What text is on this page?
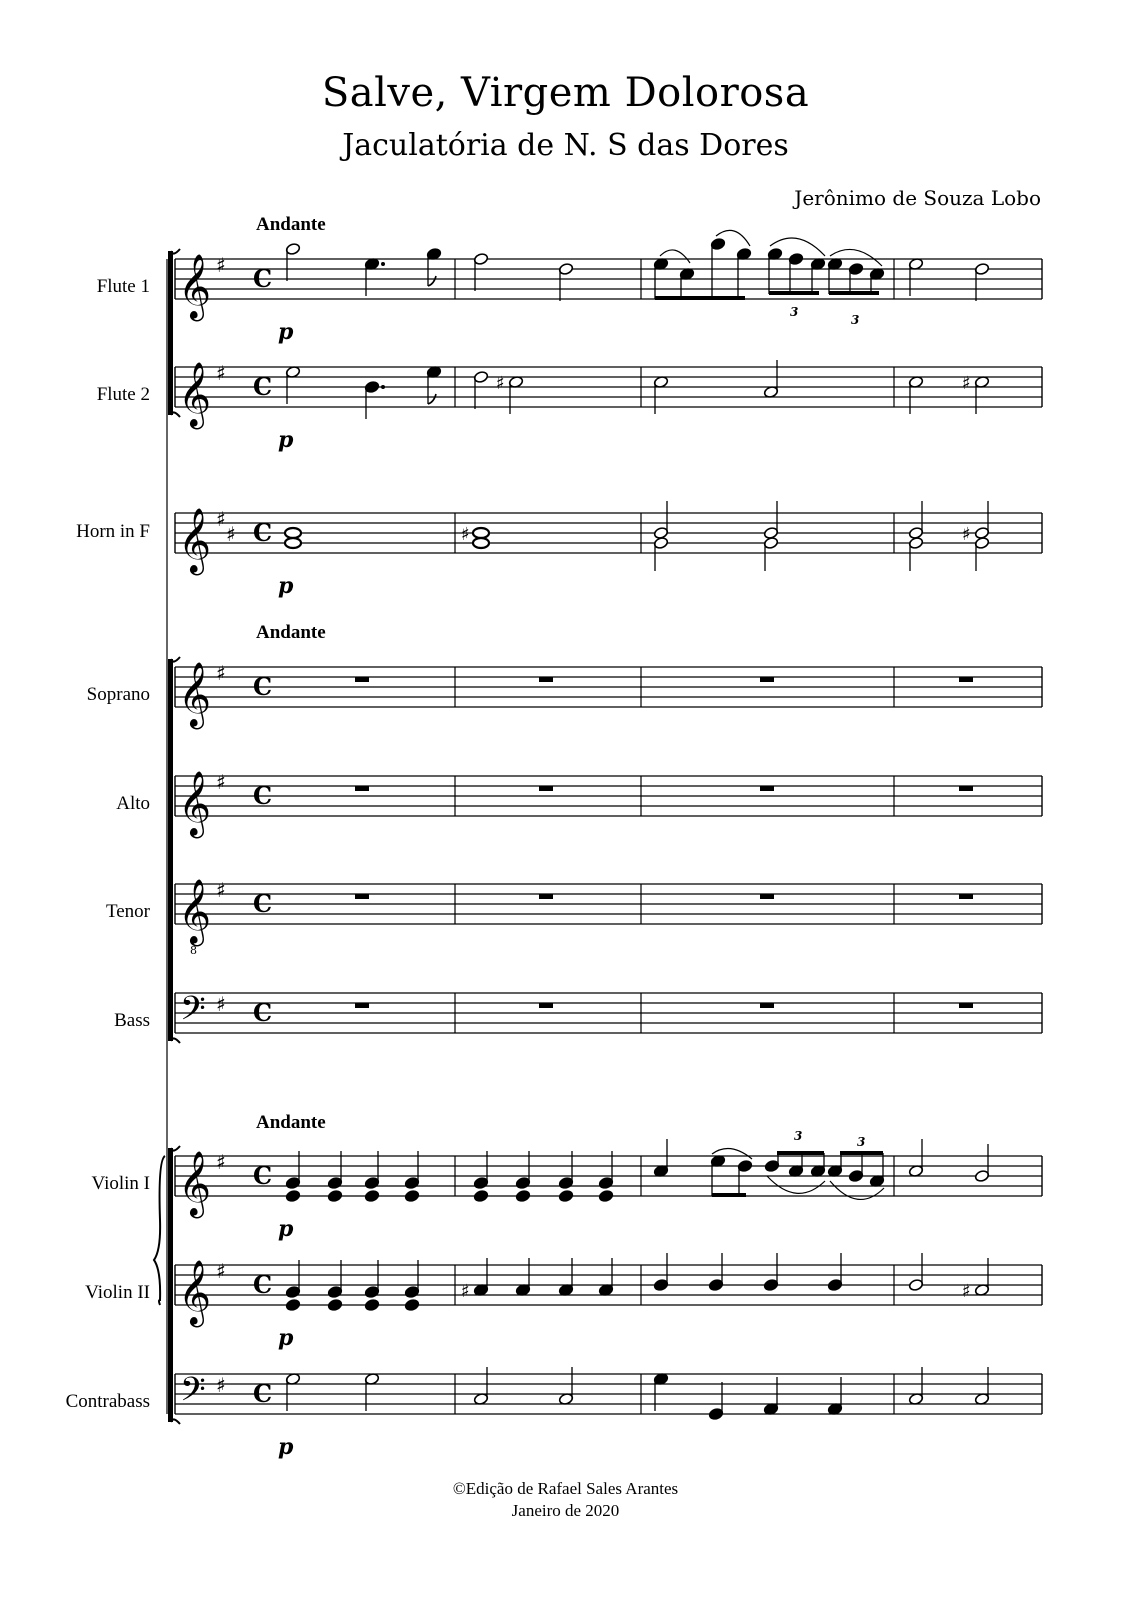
Salve, Virgem Dolorosa
Jaculatória de N. S das Dores
Jerônimo de Souza Lobo
Andante
Andante
Andante
Flute 1
Flute 2
Horn in F
Soprano
Alto
Tenor
Bass
Violin I
Violin II
Contrabass
𝄞 ♯ C
𝄞 ♯ C
𝄞 ♯
♯ C
𝄞 ♯ C
𝄞 ♯ C
𝄞
8
♯ C
𝄢 ♯ C
𝄞 ♯ C
𝄞 ♯ C
𝄢 ♯ C
p
p
p
p
p
p
3
3
♯	♯
♯	♯
3	3
♯	♯
©Edição de Rafael Sales Arantes
Janeiro de 2020
